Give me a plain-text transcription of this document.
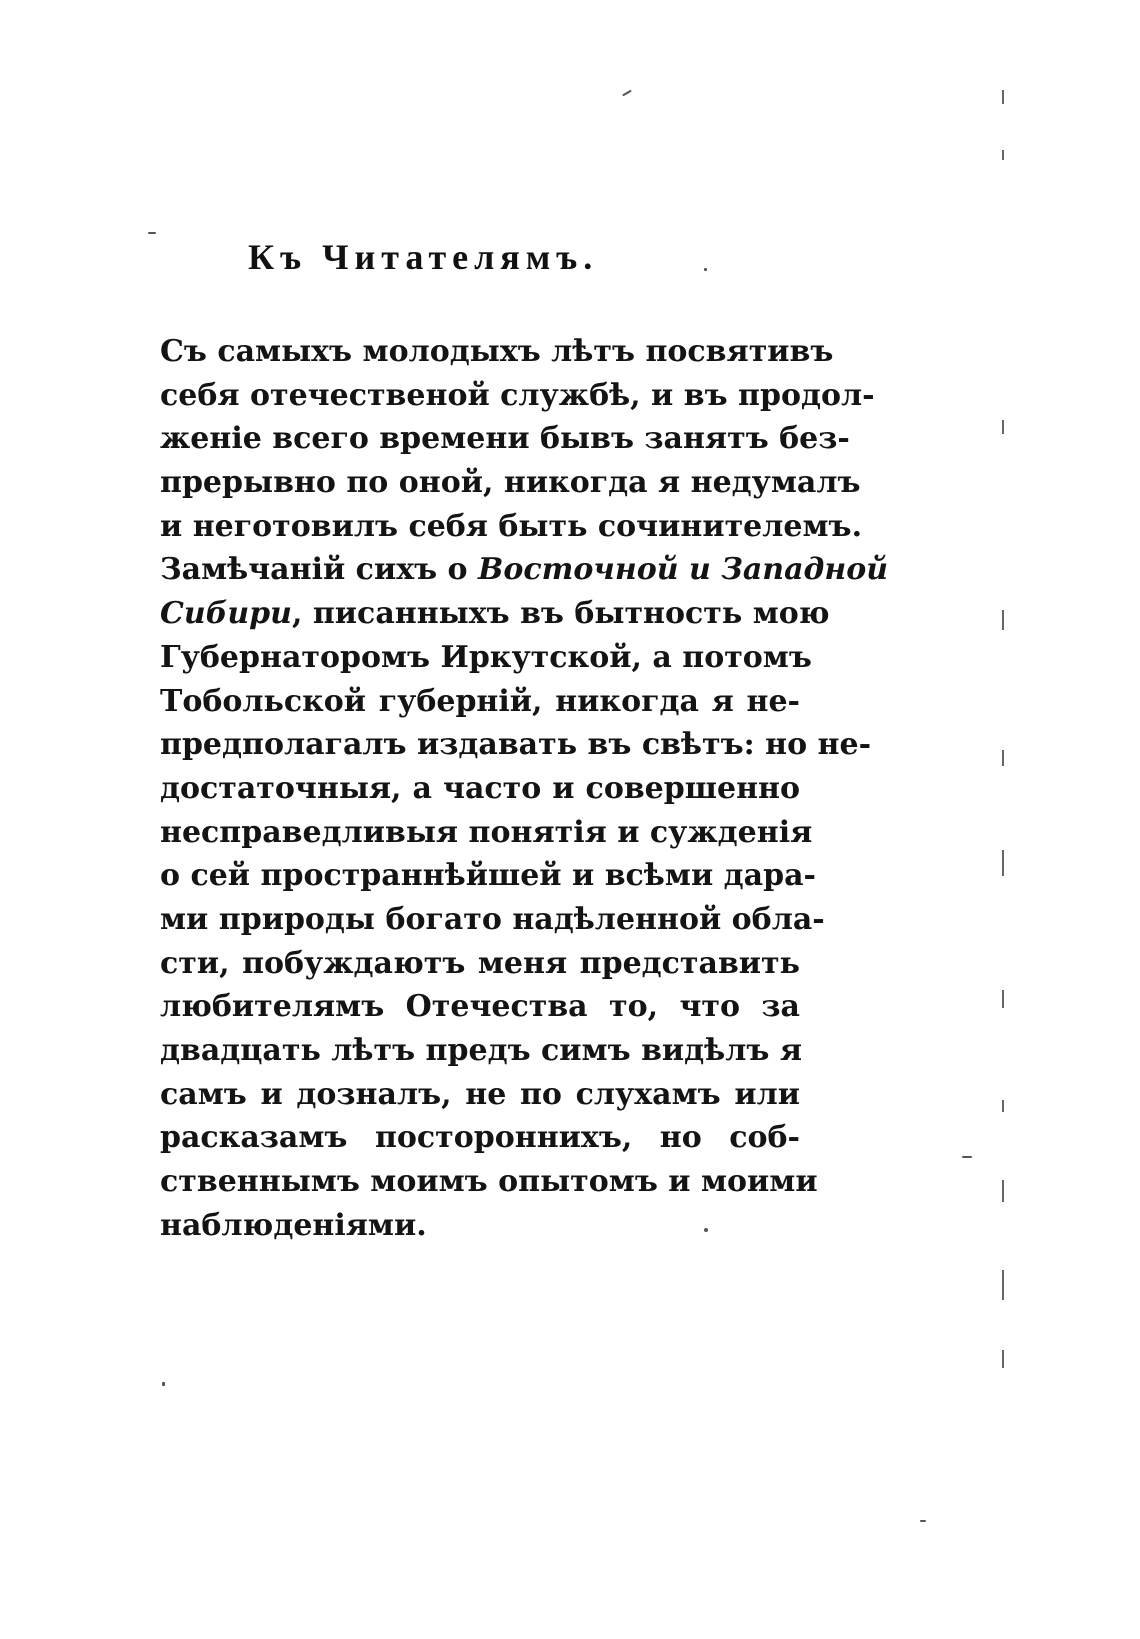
Къ Читателямъ.
Съ самыхъ молодыхъ лѣтъ посвятивъ
себя отечественой службѣ, и въ продол-
женіе всего времени бывъ занятъ без-
прерывно по оной, никогда я недумалъ
и неготовилъ себя быть сочинителемъ.
Замѣчаній сихъ о Восточной и Западной
Сибири, писанныхъ въ бытность мою
Губернаторомъ Иркутской, а потомъ
Тобольской губерній, никогда я не-
предполагалъ издавать въ свѣтъ: но не-
достаточныя, а часто и совершенно
несправедливыя понятія и сужденія
о сей пространнѣйшей и всѣми дара-
ми природы богато надѣленной обла-
сти, побуждаютъ меня представить
любителямъ Отечества то, что за
двадцать лѣтъ предъ симъ видѣлъ я
самъ и дозналъ, не по слухамъ или
расказамъ постороннихъ, но соб-
ственнымъ моимъ опытомъ и моими
наблюденіями.
